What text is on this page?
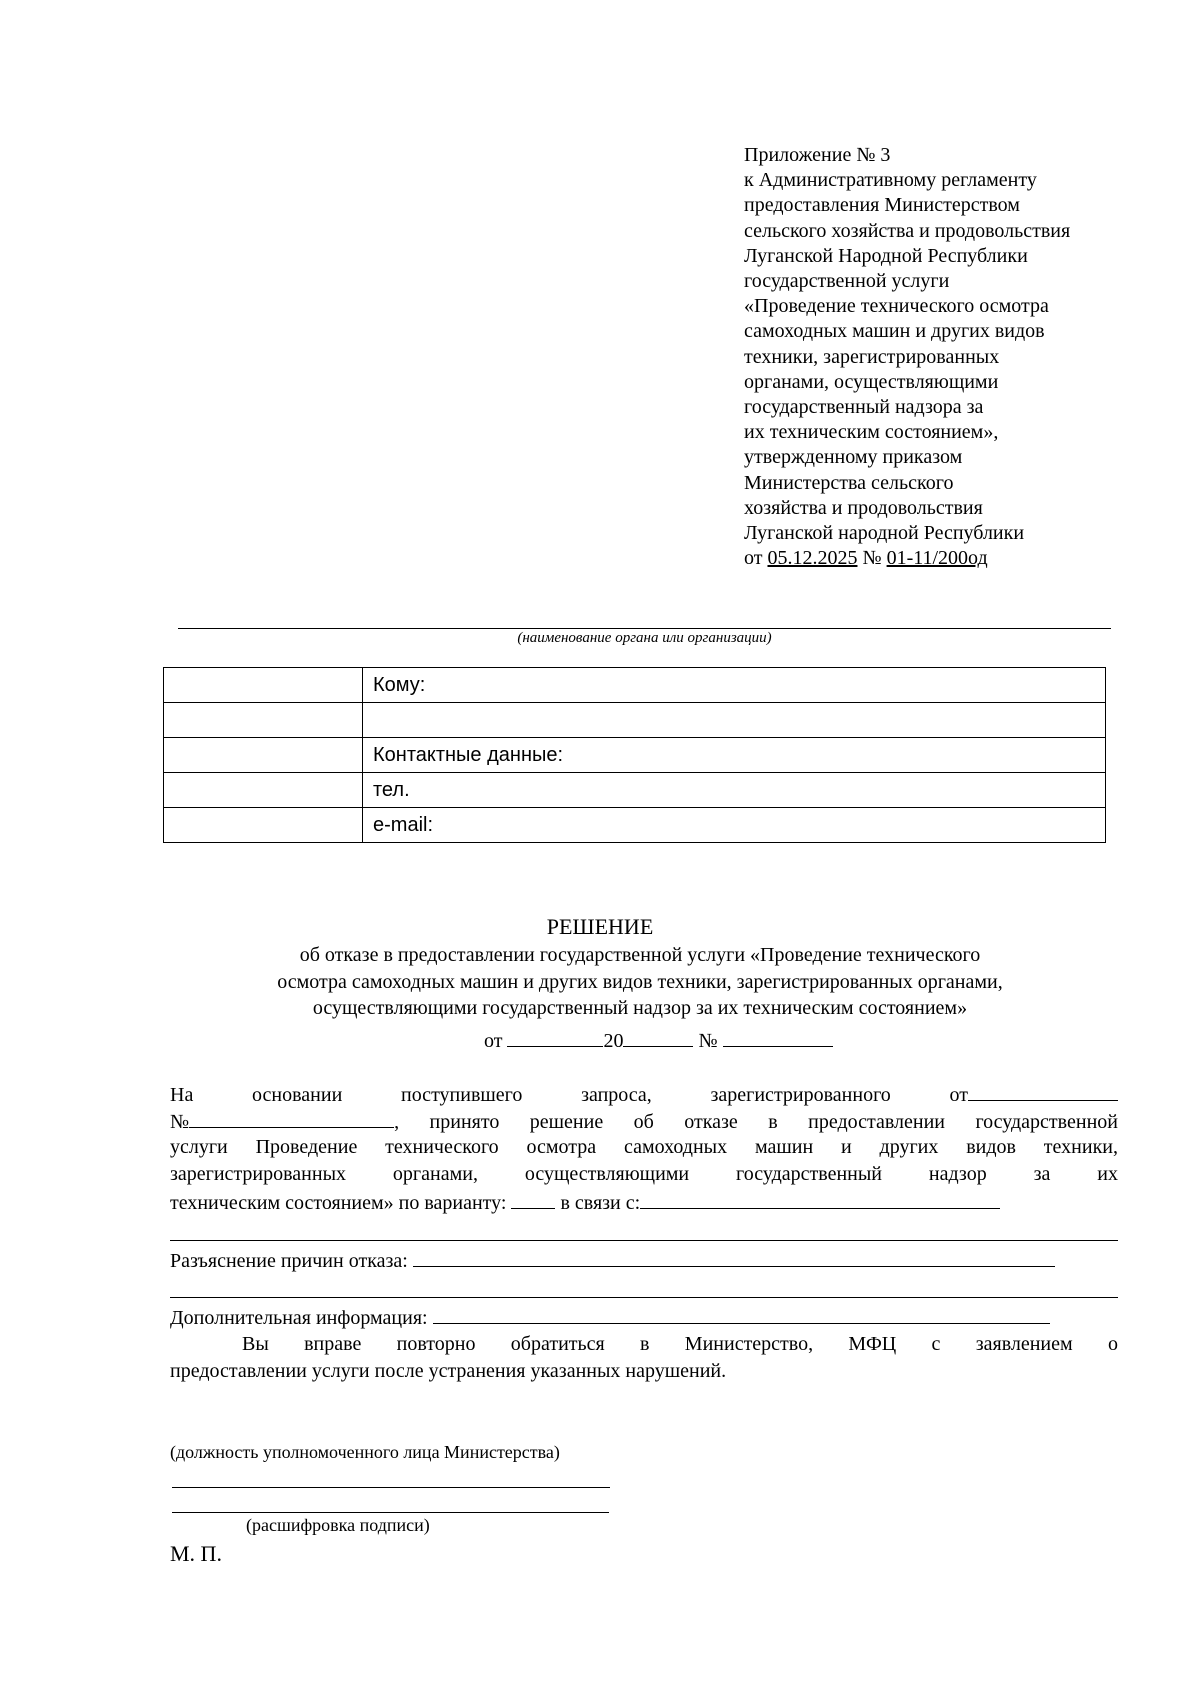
Приложение № 3
к Административному регламенту
предоставления Министерством
сельского хозяйства и продовольствия
Луганской Народной Республики
государственной услуги
«Проведение технического осмотра
самоходных машин и других видов
техники, зарегистрированных
органами, осуществляющими
государственный надзора за
их техническим состоянием»,
утвержденному приказом
Министерства сельского
хозяйства и продовольствия
Луганской народной Республики
от 05.12.2025 № 01-11/200од
(наименование органа или организации)
	Кому:

	Контактные данные:
	тел.
	e-mail:
РЕШЕНИЕ
об отказе в предоставлении государственной услуги «Проведение технического
осмотра самоходных машин и других видов техники, зарегистрированных органами,
осуществляющими государственный надзор за их техническим состоянием»
от	20	№
На	основании	поступившего	запроса,	зарегистрированного	от
№	, принято решение об отказе в предоставлении государственной
услуги Проведение технического осмотра самоходных машин и других видов техники,
зарегистрированных органами, осуществляющими государственный надзор за их
техническим состоянием» по варианту:	в связи с:
Разъяснение причин отказа:
Дополнительная информация:
Вы вправе повторно обратиться в Министерство, МФЦ с заявлением о
предоставлении услуги после устранения указанных нарушений.
(должность уполномоченного лица Министерства)
(расшифровка подписи)
М. П.
